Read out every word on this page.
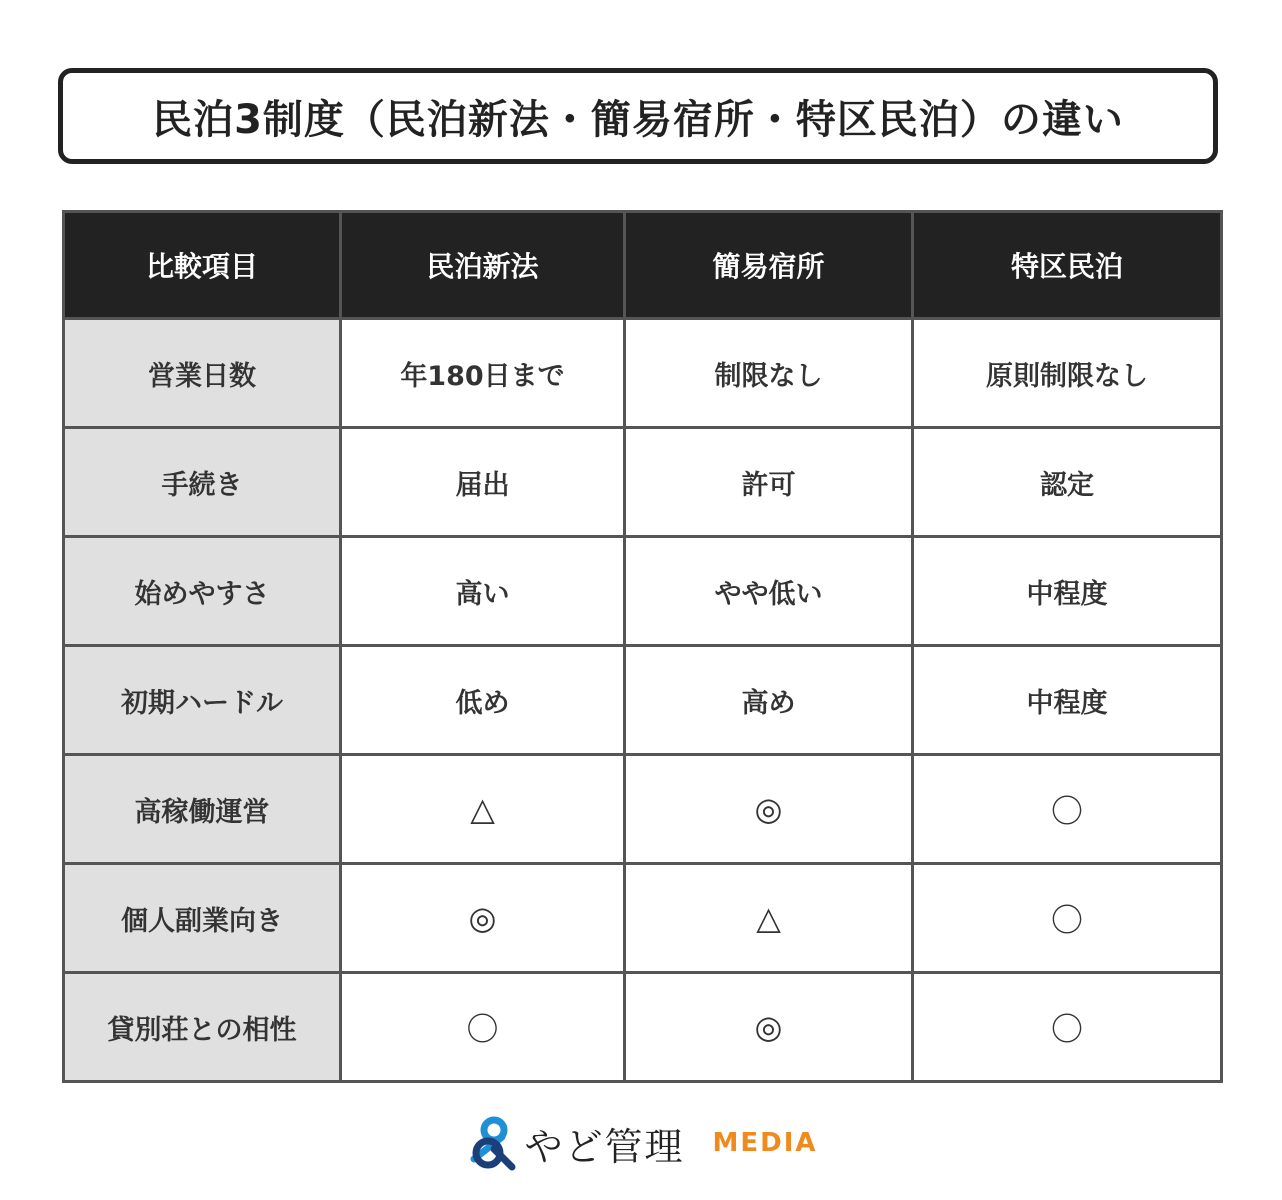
民泊3制度（民泊新法・簡易宿所・特区民泊）の違い
比較項目	民泊新法	簡易宿所	特区民泊
営業日数	年180日まで	制限なし	原則制限なし
手続き	届出	許可	認定
始めやすさ	高い	やや低い	中程度
初期ハードル	低め	高め	中程度
高稼働運営	△	◎	〇
個人副業向き	◎	△	〇
貸別荘との相性	〇	◎	〇
やど管理 MEDIA
